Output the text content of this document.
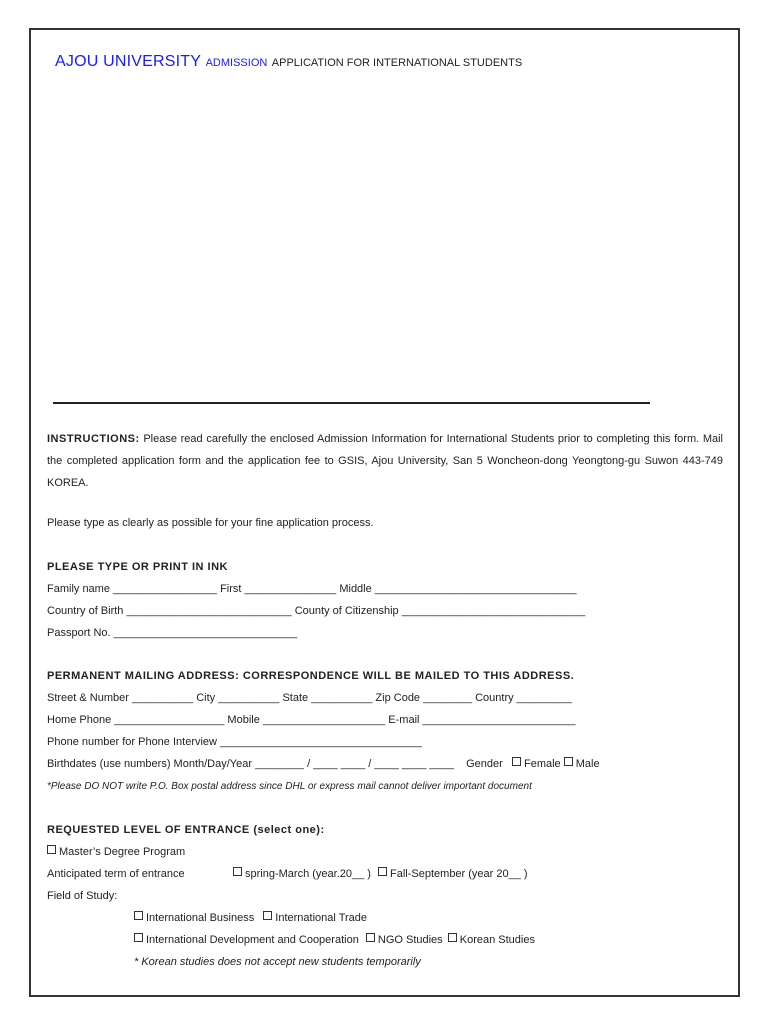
AJOU UNIVERSITY ADMISSION APPLICATION FOR INTERNATIONAL STUDENTS
INSTRUCTIONS: Please read carefully the enclosed Admission Information for International Students prior to completing this form. Mail the completed application form and the application fee to GSIS, Ajou University, San 5 Woncheon-dong Yeongtong-gu Suwon 443-749 KOREA.
Please type as clearly as possible for your fine application process.
PLEASE TYPE OR PRINT IN INK
Family name _________________ First _______________ Middle _________________________________
Country of Birth ___________________________ County of Citizenship ______________________________
Passport No. ______________________________
PERMANENT MAILING ADDRESS: CORRESPONDENCE WILL BE MAILED TO THIS ADDRESS.
Street & Number __________ City __________ State __________ Zip Code ________ Country _________
Home Phone __________________ Mobile ____________________ E-mail _________________________
Phone number for Phone Interview _________________________________
Birthdates (use numbers) Month/Day/Year ________ / ____ ____ / ____ ____ ____ Gender Female Male
*Please DO NOT write P.O. Box postal address since DHL or express mail cannot deliver important document
REQUESTED LEVEL OF ENTRANCE (select one):
Master’s Degree Program
Anticipated term of entrance	spring-March (year.20__ ) Fall-September (year 20__ )
Field of Study:
International Business International Trade
International Development and Cooperation NGO Studies Korean Studies
* Korean studies does not accept new students temporarily
